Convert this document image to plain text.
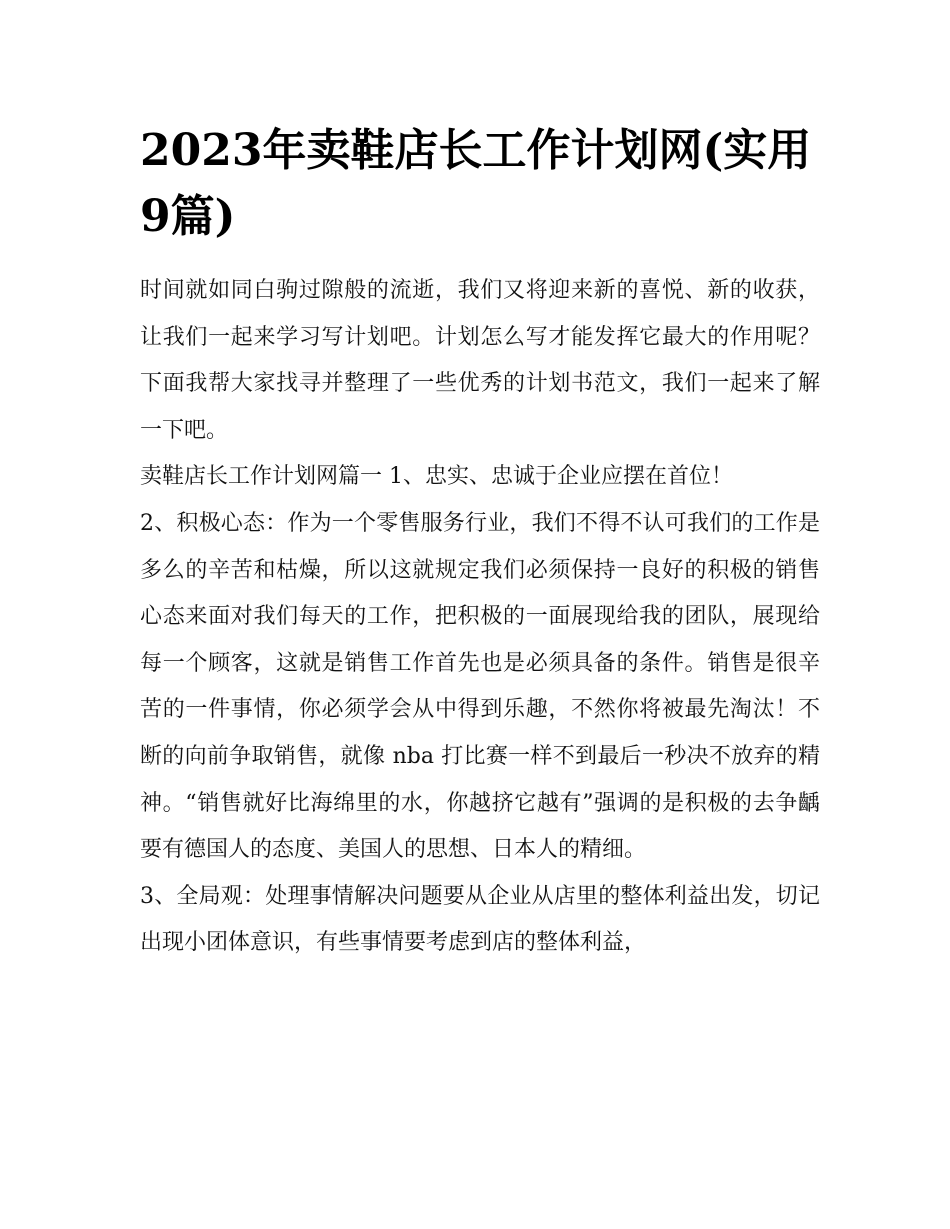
2023年卖鞋店长工作计划网(实用9篇)

时间就如同白驹过隙般的流逝，我们又将迎来新的喜悦、新的收获，让我们一起来学习写计划吧。计划怎么写才能发挥它最大的作用呢？下面我帮大家找寻并整理了一些优秀的计划书范文，我们一起来了解一下吧。

卖鞋店长工作计划网篇一 1、忠实、忠诚于企业应摆在首位！

2、积极心态：作为一个零售服务行业，我们不得不认可我们的工作是多么的辛苦和枯燥，所以这就规定我们必须保持一良好的积极的销售心态来面对我们每天的工作，把积极的一面展现给我的团队，展现给每一个顾客，这就是销售工作首先也是必须具备的条件。销售是很辛苦的一件事情，你必须学会从中得到乐趣，不然你将被最先淘汰！不断的向前争取销售，就像 nba 打比赛一样不到最后一秒决不放弃的精神。“销售就好比海绵里的水，你越挤它越有”强调的是积极的去争齲要有德国人的态度、美国人的思想、日本人的精细。

3、全局观：处理事情解决问题要从企业从店里的整体利益出发，切记出现小团体意识，有些事情要考虑到店的整体利益，
